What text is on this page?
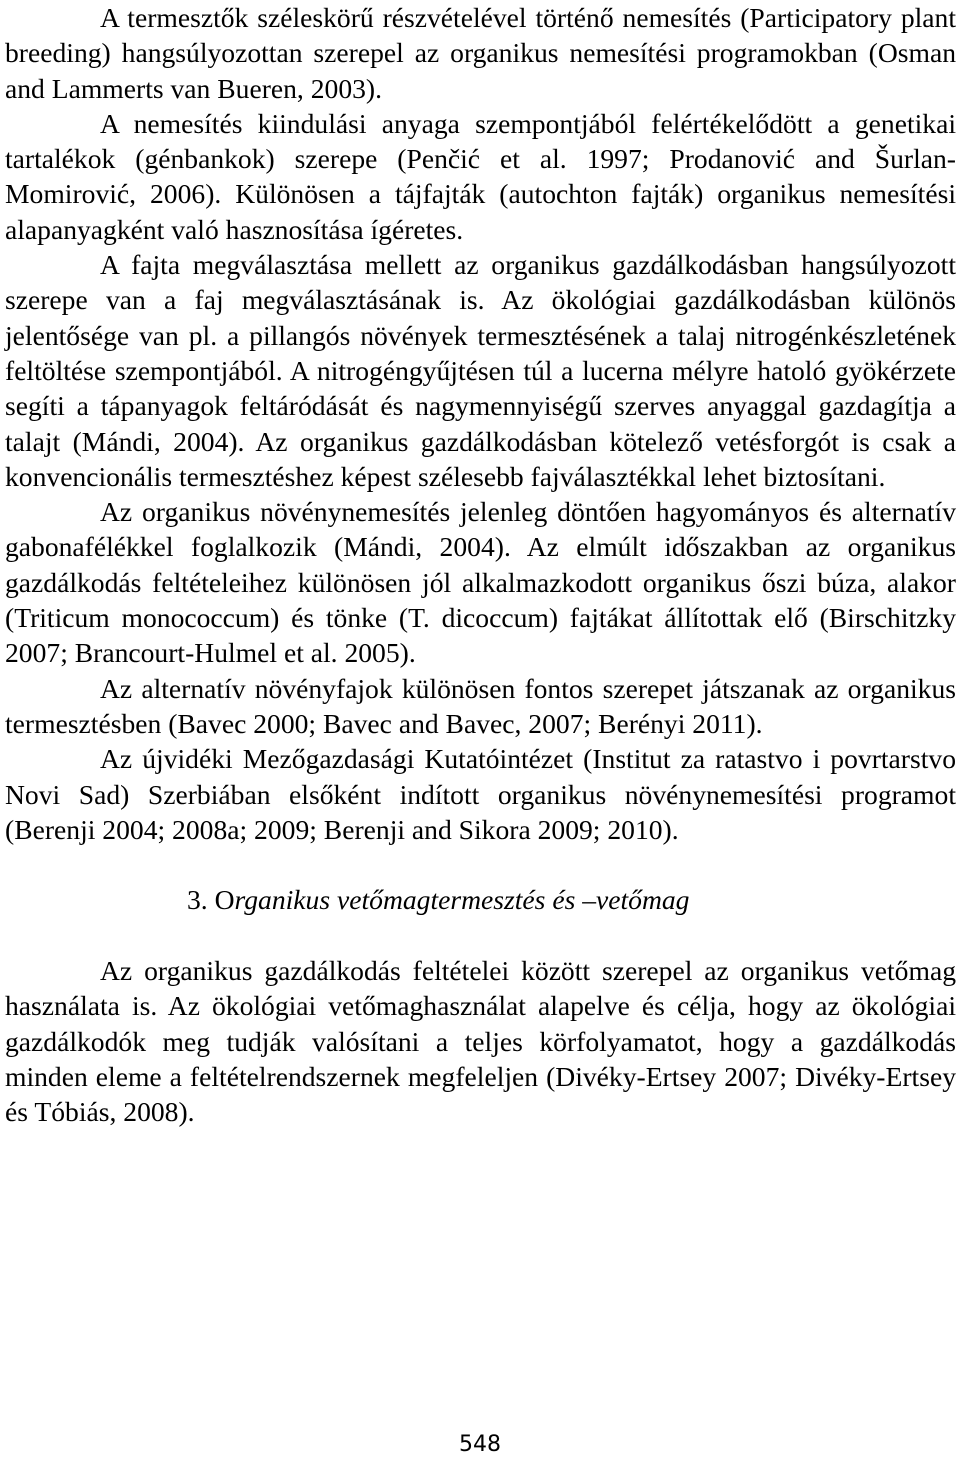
A termesztők széleskörű részvételével történő nemesítés (Participatory plant breeding) hangsúlyozottan szerepel az organikus nemesítési programokban (Osman and Lammerts van Bueren, 2003).

A nemesítés kiindulási anyaga szempontjából felértékelődött a genetikai tartalékok (génbankok) szerepe (Penčić et al. 1997; Prodanović and Šurlan-Momirović, 2006). Különösen a tájfajták (autochton fajták) organikus nemesítési alapanyagként való hasznosítása ígéretes.

A fajta megválasztása mellett az organikus gazdálkodásban hangsúlyozott szerepe van a faj megválasztásának is. Az ökológiai gazdálkodásban különös jelentősége van pl. a pillangós növények termesztésének a talaj nitrogénkészletének feltöltése szempontjából. A nitrogéngyűjtésen túl a lucerna mélyre hatoló gyökérzete segíti a tápanyagok feltáródását és nagymennyiségű szerves anyaggal gazdagítja a talajt (Mándi, 2004). Az organikus gazdálkodásban kötelező vetésforgót is csak a konvencionális termesztéshez képest szélesebb fajválasztékkal lehet biztosítani.

Az organikus növénynemesítés jelenleg döntően hagyományos és alternatív gabonafélékkel foglalkozik (Mándi, 2004). Az elmúlt időszakban az organikus gazdálkodás feltételeihez különösen jól alkalmazkodott organikus őszi búza, alakor (Triticum monococcum) és tönke (T. dicoccum) fajtákat állítottak elő (Birschitzky 2007; Brancourt-Hulmel et al. 2005).

Az alternatív növényfajok különösen fontos szerepet játszanak az organikus termesztésben (Bavec 2000; Bavec and Bavec, 2007; Berényi 2011).

Az újvidéki Mezőgazdasági Kutatóintézet (Institut za ratastvo i povrtarstvo Novi Sad) Szerbiában elsőként indított organikus növénynemesítési programot (Berenji 2004; 2008a; 2009; Berenji and Sikora 2009; 2010).

3. Organikus vetőmagtermesztés és –vetőmag

Az organikus gazdálkodás feltételei között szerepel az organikus vetőmag használata is. Az ökológiai vetőmaghasználat alapelve és célja, hogy az ökológiai gazdálkodók meg tudják valósítani a teljes körfolyamatot, hogy a gazdálkodás minden eleme a feltételrendszernek megfeleljen (Divéky-Ertsey 2007; Divéky-Ertsey és Tóbiás, 2008).

548
